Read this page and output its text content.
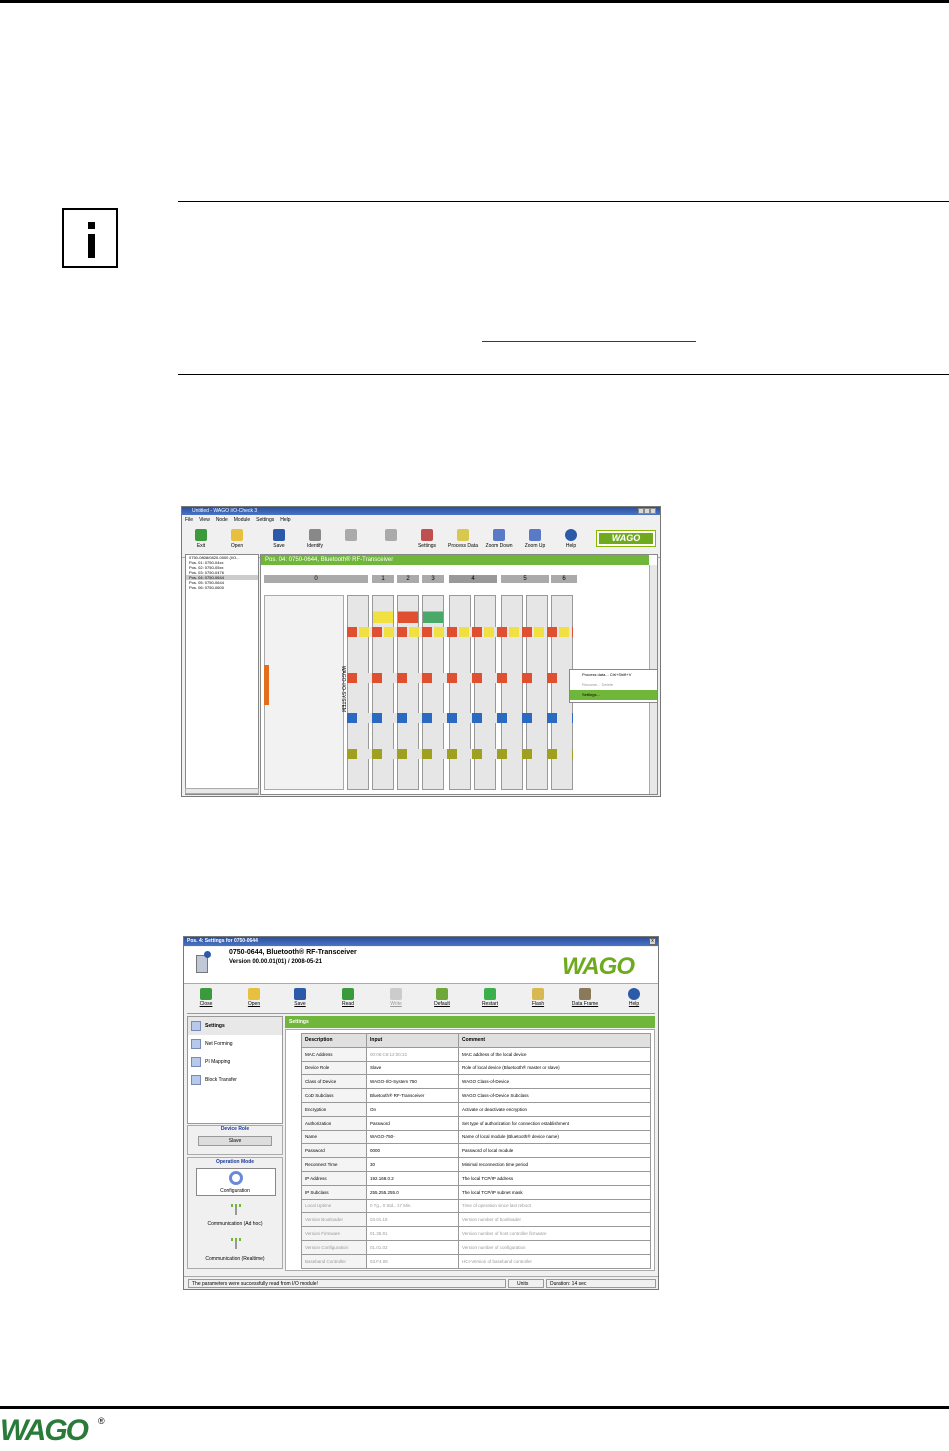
Untitled - WAGO I/O-Check 3
File View Node Module Settings Help
Exit	Open	Save	Identify	Settings	Process Data	Zoom Down	Zoom Up	Help
WAGO
0750-0808/0820-0000 (I/O...
Pos. 01: 0750-04xx
Pos. 02: 0750-05xx
Pos. 03: 0750-0476
Pos. 04: 0750-0644
Pos. 05: 0750-0644
Pos. 06: 0750-0600
Pos. 04: 0750-0644, Bluetooth® RF-Transceiver
0	1	2	3	4	5	6
WAGO-I/O-SYSTEM	Process data... Ctrl+Shift+V
Rename... Delete
Settings...
Pos. 4: Settings for 0750-0644	x
0750-0644, Bluetooth® RF-Transceiver
Version 00.00.01(01) / 2008-05-21	WAGO
Close	Open	Save	Read	Write	Default	Restart	Flash	Data Frame	Help
Settings
Net Forming
PI Mapping
Block Transfer
Device Role
Slave
Operation Mode
Configuration
Communication (Ad hoc)
Communication (Realtime)
Settings
Description	Input	Comment
MAC Address	00:06:C6:12:00:22	MAC address of the local device
Device Role	Slave	Role of local device (Bluetooth® master or slave)
Class of Device	WAGO-I/O-System 750	WAGO Class-of-Device
CoD Subclass	Bluetooth® RF-Transceiver	WAGO Class-of-Device Subclass
Encryption	On	Activate or deactivate encryption
Authorization	Password	Set type of authorization for connection establishment
Name	WAGO-750-	Name of local module (Bluetooth® device name)
Password	0000	Password of local module
Reconnect Time	30	Minimal reconnection time period
IP Address	192.168.0.2	The local TCP/IP address
IP Subclass	255.255.255.0	The local TCP/IP subnet mask
Local Uptime	0 Tg., 0 Std., 17 Min.	Time of operation since last reboot
Version Bootloader	03.01.18	Version number of bootloader
Version Firmware	01.35.91	Version number of host controller firmware
Version Configuration	01.01.02	Version number of configuration
Baseband Controller	03.F4.08	HCI-Version of baseband controller
The parameters were successfully read from I/O module!	Units	Duration: 14 sec
WAGO ®
